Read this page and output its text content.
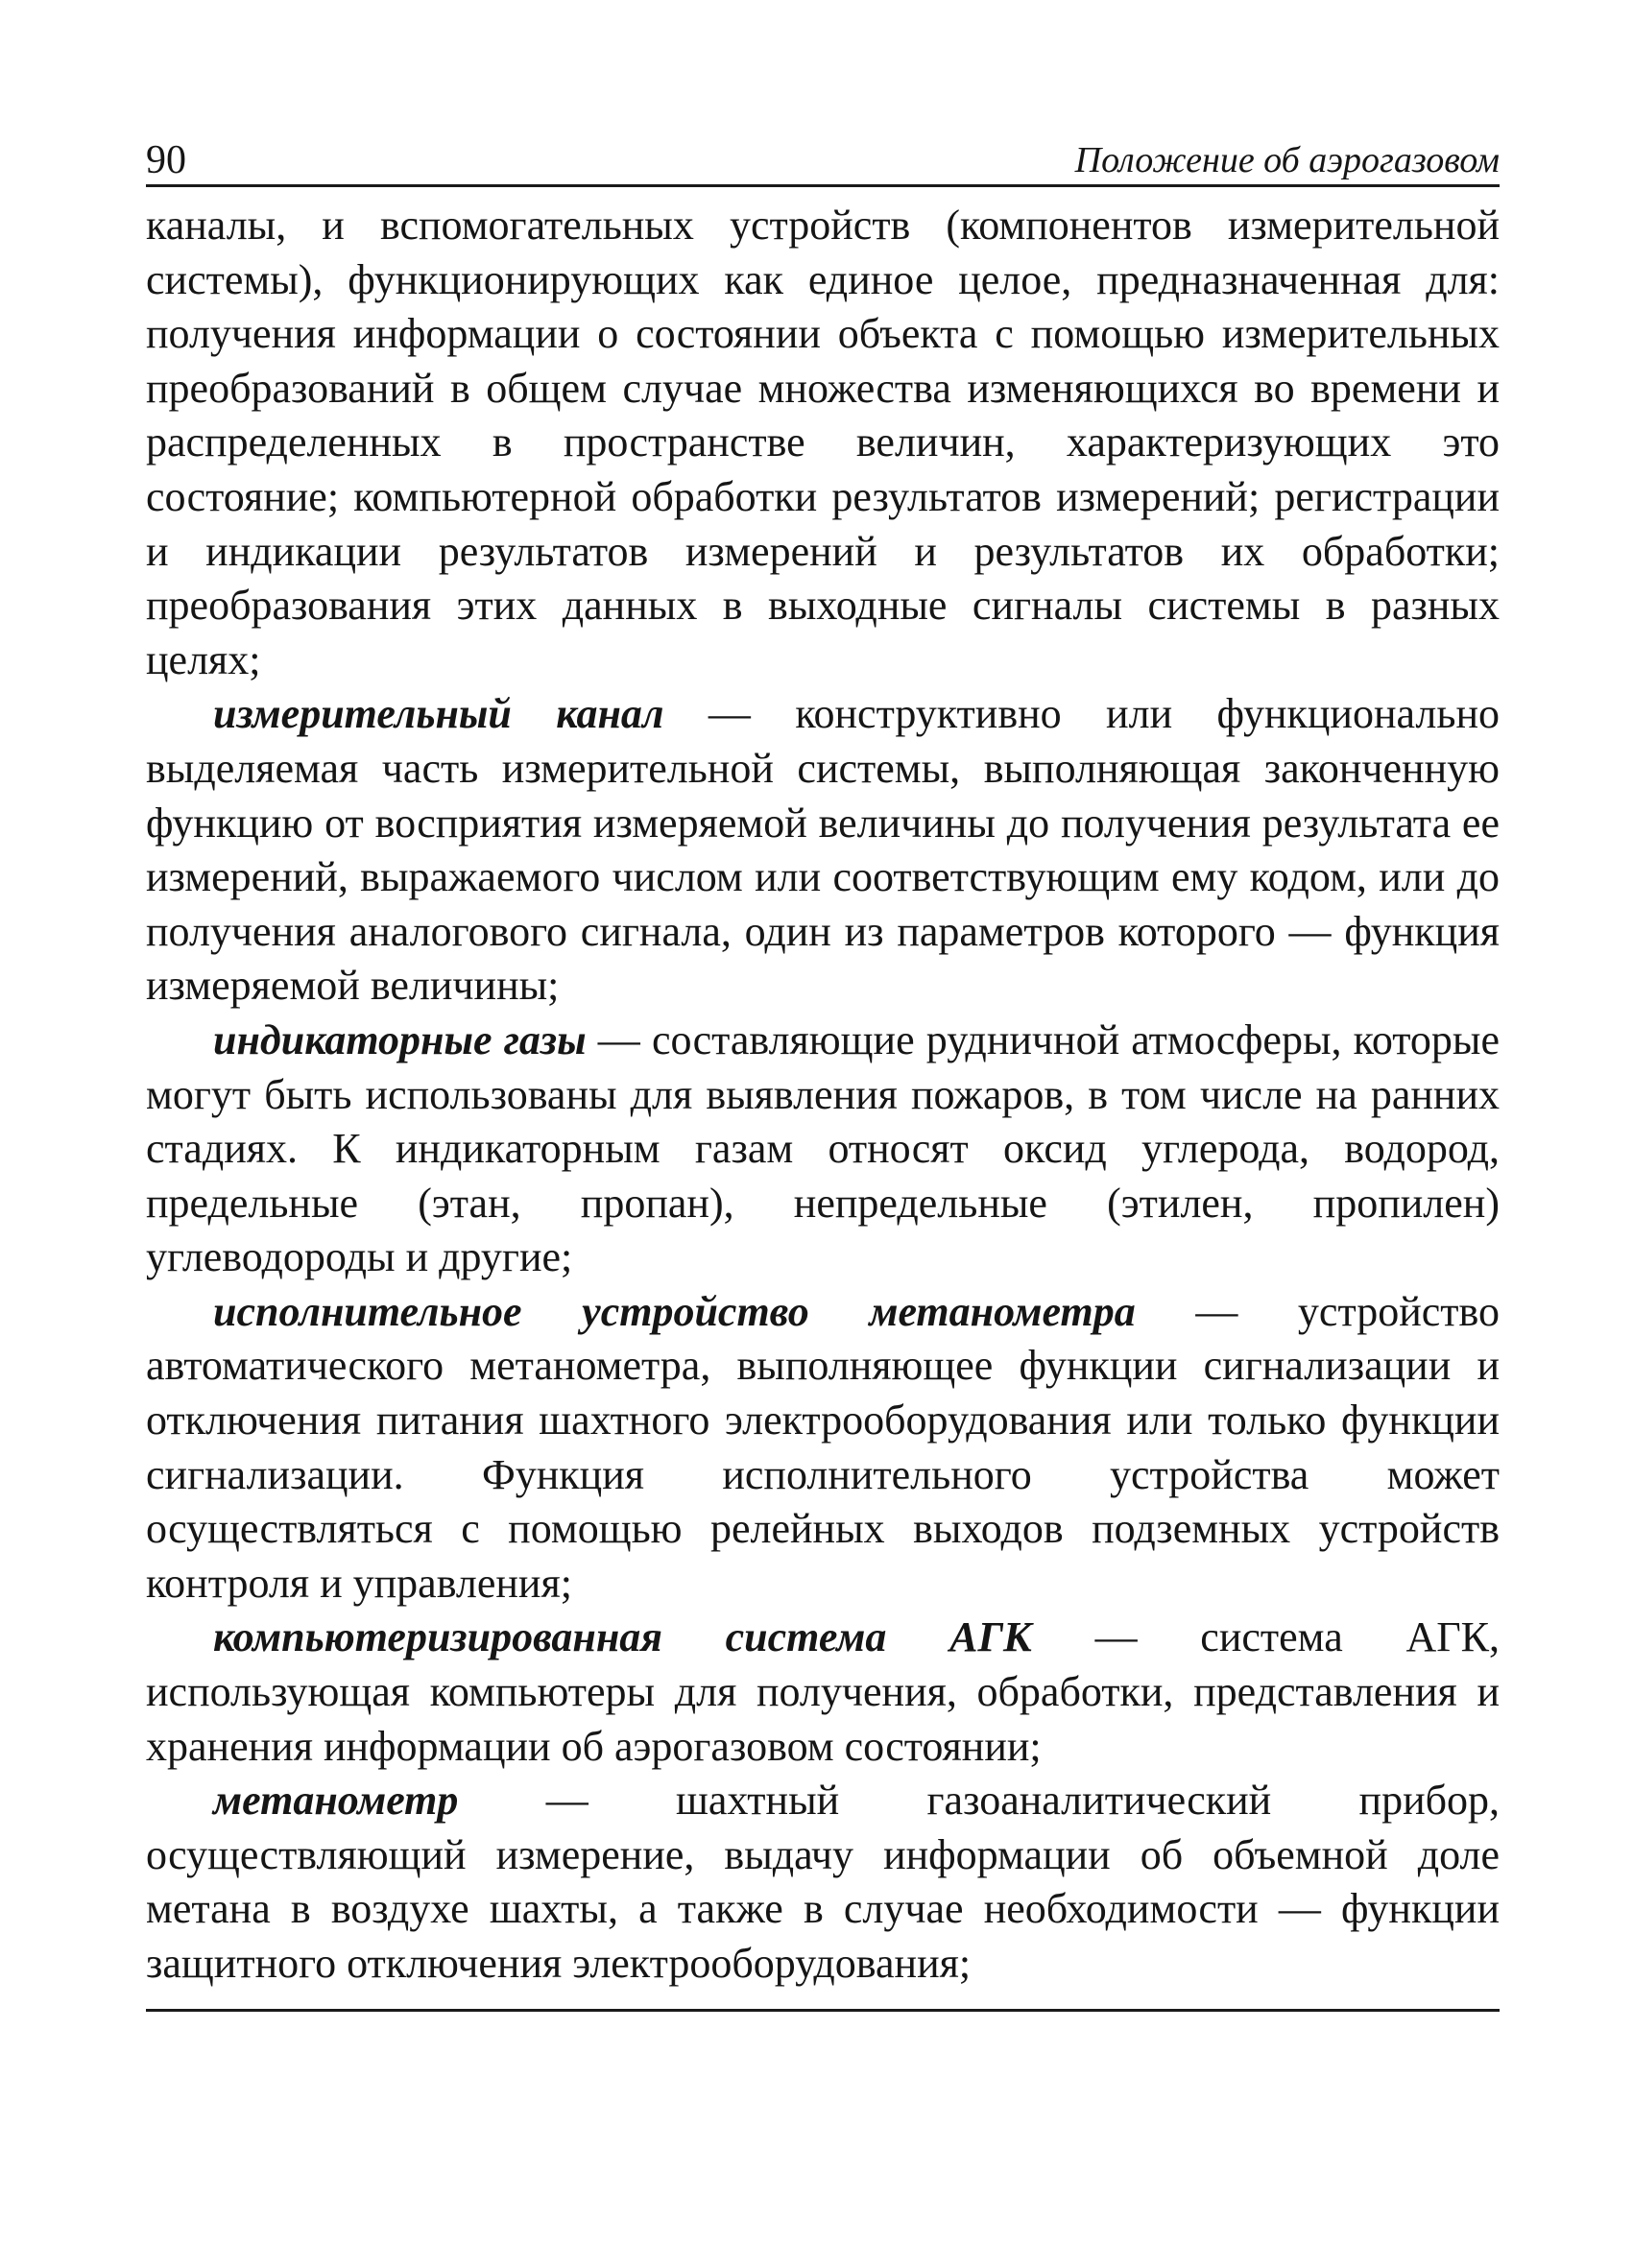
90	Положение об аэрогазовом

каналы, и вспомогательных устройств (компонентов измерительной системы), функционирующих как единое целое, предназначенная для: получения информации о состоянии объекта с помощью измерительных преобразований в общем случае множества изменяющихся во времени и распределенных в пространстве величин, характеризующих это состояние; компьютерной обработки результатов измерений; регистрации и индикации результатов измерений и результатов их обработки; преобразования этих данных в выходные сигналы системы в разных целях;

измерительный канал — конструктивно или функционально выделяемая часть измерительной системы, выполняющая законченную функцию от восприятия измеряемой величины до получения результата ее измерений, выражаемого числом или соответствующим ему кодом, или до получения аналогового сигнала, один из параметров которого — функция измеряемой величины;

индикаторные газы — составляющие рудничной атмосферы, которые могут быть использованы для выявления пожаров, в том числе на ранних стадиях. К индикаторным газам относят оксид углерода, водород, предельные (этан, пропан), непредельные (этилен, пропилен) углеводороды и другие;

исполнительное устройство метанометра — устройство автоматического метанометра, выполняющее функции сигнализации и отключения питания шахтного электрооборудования или только функции сигнализации. Функция исполнительного устройства может осуществляться с помощью релейных выходов подземных устройств контроля и управления;

компьютеризированная система АГК — система АГК, использующая компьютеры для получения, обработки, представления и хранения информации об аэрогазовом состоянии;

метанометр — шахтный газоаналитический прибор, осуществляющий измерение, выдачу информации об объемной доле метана в воздухе шахты, а также в случае необходимости — функции защитного отключения электрооборудования;
